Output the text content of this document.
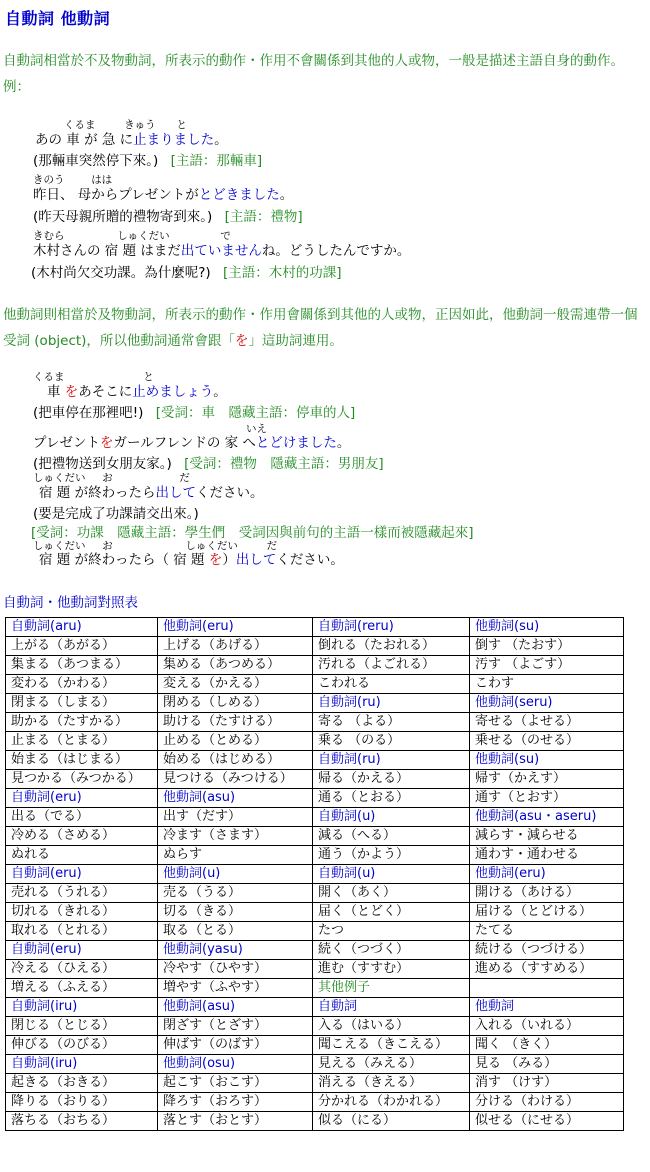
自動詞 他動詞
自動詞相當於不及物動詞，所表示的動作・作用不會關係到其他的人或物，一般是描述主語自身的動作。例：
くるま	きゅう と
あの 車 が 急 に止まりました。
(那輛車突然停下來。) [主語：那輛車]
きのう	はは
昨日、 母からプレゼントがとどきました。
(昨天母親所贈的禮物寄到來。) [主語：禮物]
きむら	しゅくだい	で
木村さんの 宿 題 はまだ出ていませんね。どうしたんですか。
(木村尚欠交功課。為什麼呢?) [主語：木村的功課]
他動詞則相當於及物動詞，所表示的動作・作用會關係到其他的人或物，正因如此，他動詞一般需連帶一個受詞 (object)，所以他動詞通常會跟「を」這助詞連用。
くるま	と
車 をあそこに止めましょう。
(把車停在那裡吧!) [受詞：車　隱藏主語：停車的人]
いえ
プレゼントをガールフレンドの 家 へとどけました。
(把禮物送到女朋友家。) [受詞：禮物　隱藏主語：男朋友]
しゅくだい お	だ
宿 題 が終わったら出してください。
(要是完成了功課請交出來。)
[受詞：功課　隱藏主語：學生們　受詞因與前句的主語一樣而被隱藏起來]
しゅくだい お	しゅくだい	だ
宿 題 が終わったら（ 宿 題 を）出してください。
自動詞・他動詞對照表
自動詞(aru)	他動詞(eru)	自動詞(reru)	他動詞(su)
上がる（あがる）	上げる（あげる）	倒れる（たおれる）	倒す （たおす）
集まる（あつまる）	集める（あつめる）	汚れる（よごれる）	汚す （よごす）
変わる（かわる）	変える（かえる）	こわれる	こわす
閉まる（しまる）	閉める（しめる）	自動詞(ru)	他動詞(seru)
助かる（たすかる）	助ける（たすける）	寄る （よる）	寄せる（よせる）
止まる（とまる）	止める（とめる）	乗る （のる）	乗せる（のせる）
始まる（はじまる）	始める（はじめる）	自動詞(ru)	他動詞(su)
見つかる（みつかる）	見つける（みつける）	帰る（かえる）	帰す（かえす）
自動詞(eru)	他動詞(asu)	通る（とおる）	通す（とおす）
出る（でる）	出す（だす）	自動詞(u)	他動詞(asu・aseru)
冷める（さめる）	冷ます（さます）	減る（へる）	減らす・減らせる
ぬれる	ぬらす	通う（かよう）	通わす・通わせる
自動詞(eru)	他動詞(u)	自動詞(u)	他動詞(eru)
売れる（うれる）	売る（うる）	開く（あく）	開ける（あける）
切れる（きれる）	切る（きる）	届く（とどく）	届ける（とどける）
取れる（とれる）	取る（とる）	たつ	たてる
自動詞(eru)	他動詞(yasu)	続く（つづく）	続ける（つづける）
冷える（ひえる）	冷やす（ひやす）	進む（すすむ）	進める（すすめる）
増える（ふえる）	増やす（ふやす）	其他例子	
自動詞(iru)	他動詞(asu)	自動詞	他動詞
閉じる（とじる）	閉ざす（とざす）	入る（はいる）	入れる（いれる）
伸びる（のびる）	伸ばす（のばす）	聞こえる（きこえる）	聞く （きく）
自動詞(iru)	他動詞(osu)	見える（みえる）	見る （みる）
起きる（おきる）	起こす（おこす）	消える（きえる）	消す （けす）
降りる（おりる）	降ろす（おろす）	分かれる（わかれる）	分ける（わける）
落ちる（おちる）	落とす（おとす）	似る（にる）	似せる（にせる）
